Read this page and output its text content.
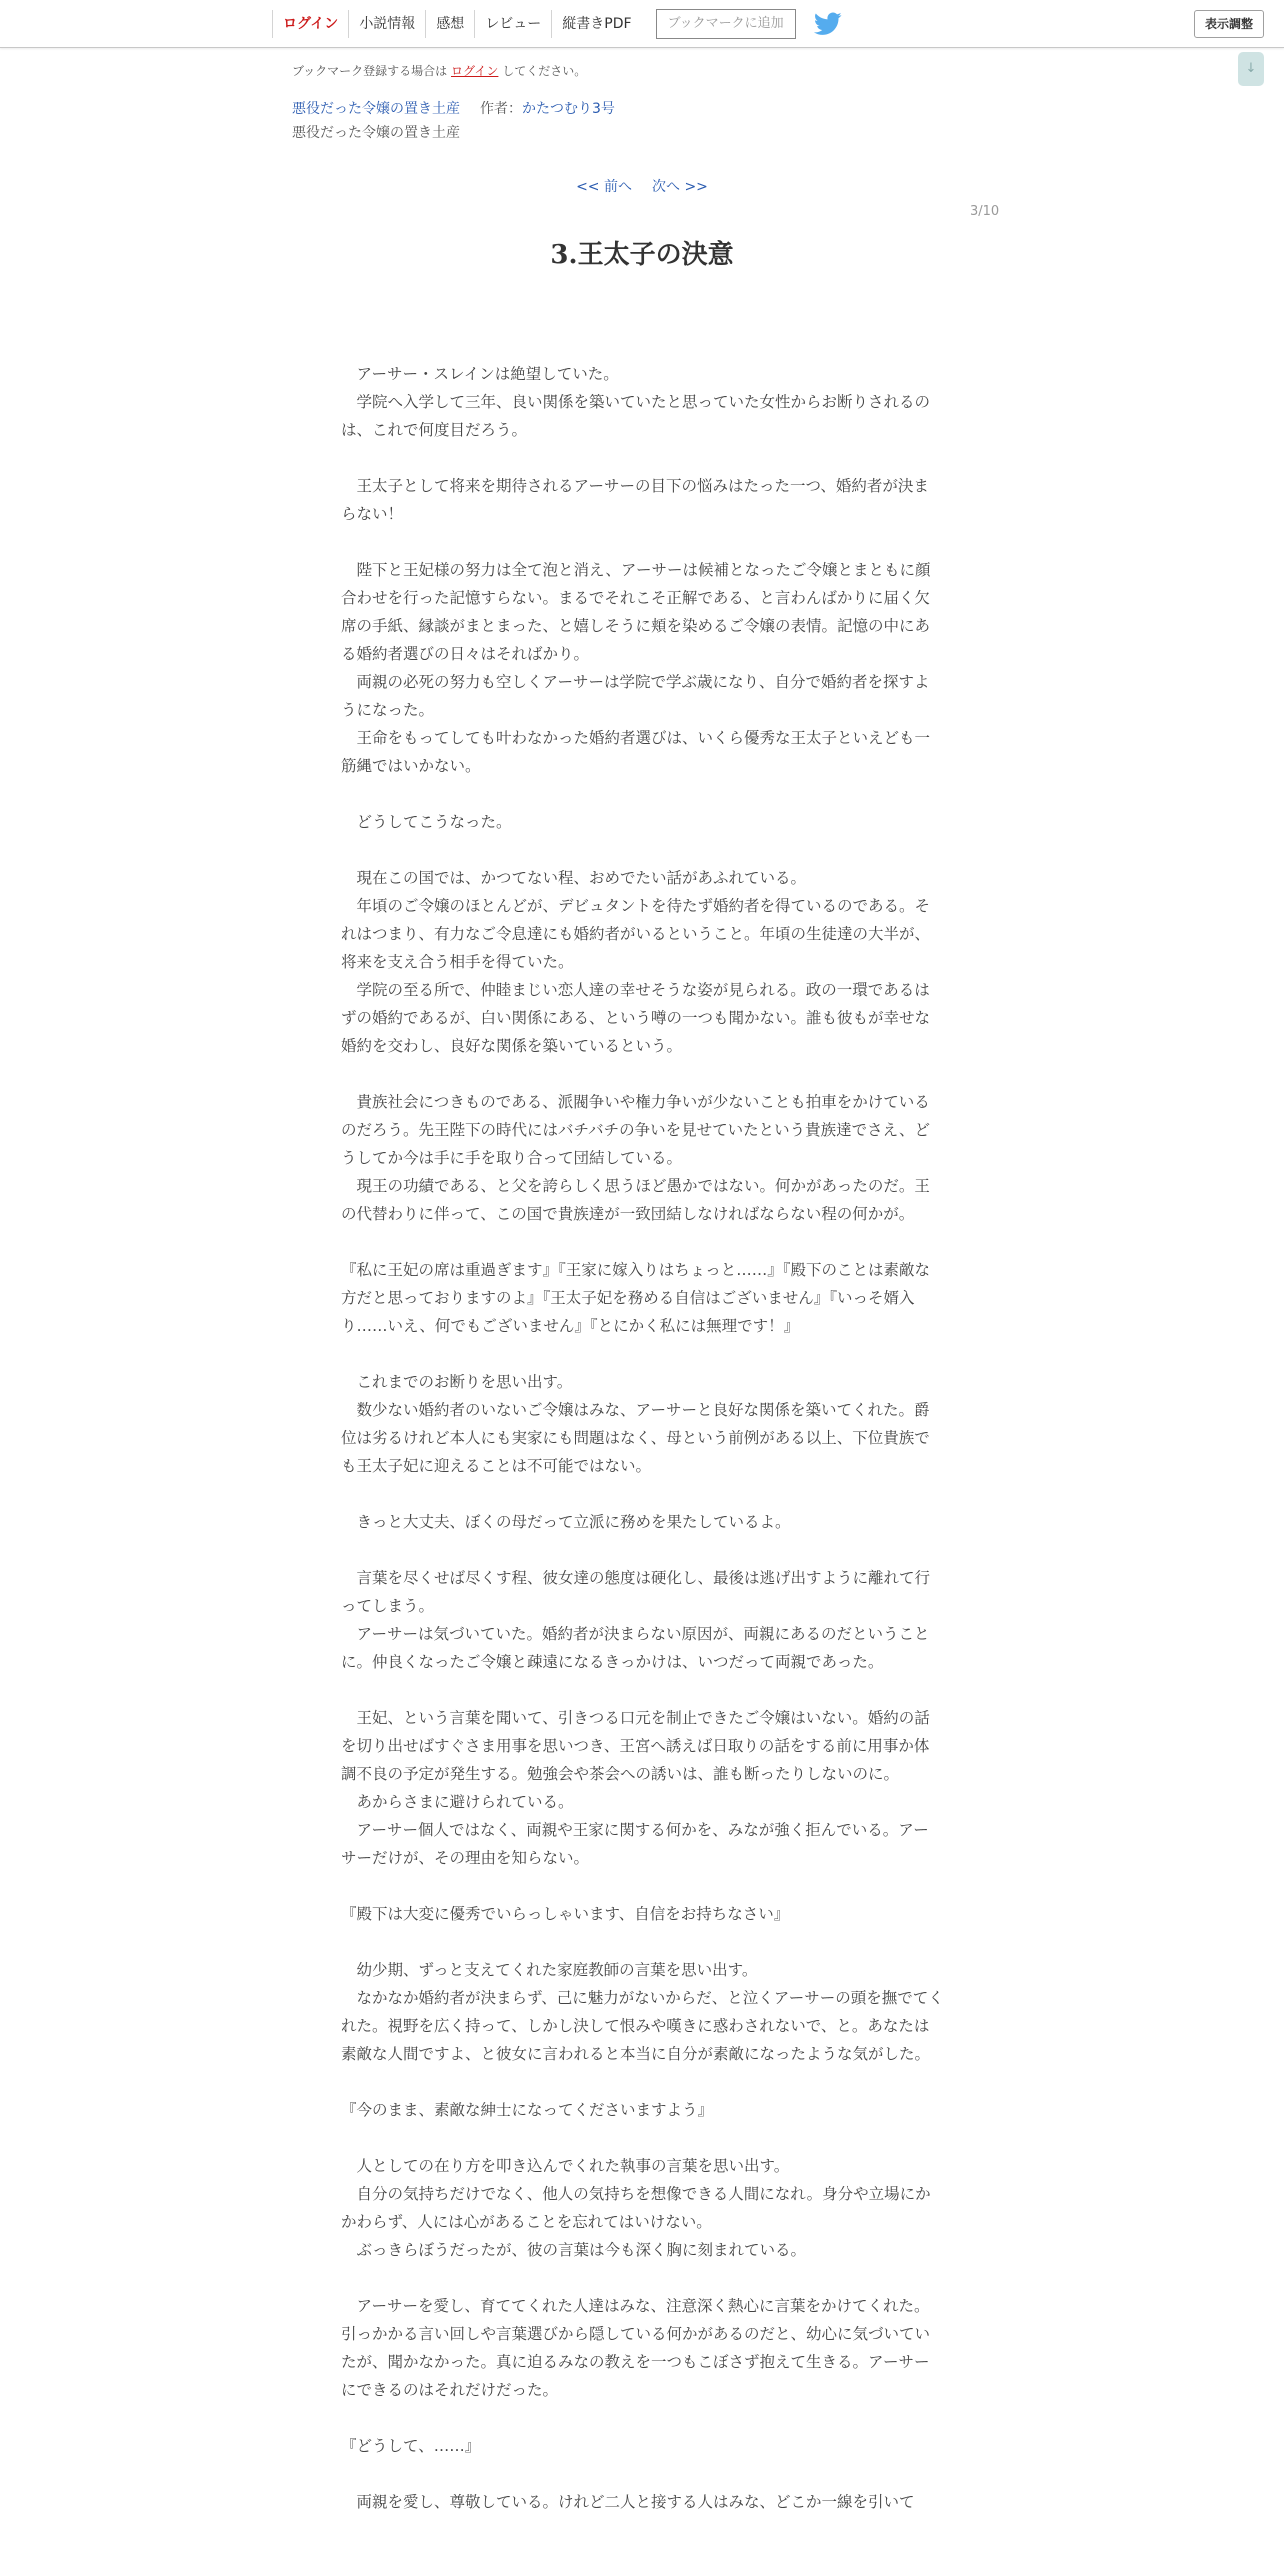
ログイン	小説情報	感想	レビュー	縦書きPDF	ブックマークに追加	表示調整
↓
ブックマーク登録する場合は ログイン してください。
悪役だった令嬢の置き土産 作者：かたつむり3号
悪役だった令嬢の置き土産
<< 前へ 次へ >>
3/10
3.王太子の決意

　アーサー・スレインは絶望していた。

　学院へ入学して三年、良い関係を築いていたと思っていた女性からお断りされるのは、これで何度目だろう。

　王太子として将来を期待されるアーサーの目下の悩みはたった一つ、婚約者が決まらない！

　陛下と王妃様の努力は全て泡と消え、アーサーは候補となったご令嬢とまともに顔合わせを行った記憶すらない。まるでそれこそ正解である、と言わんばかりに届く欠席の手紙、縁談がまとまった、と嬉しそうに頬を染めるご令嬢の表情。記憶の中にある婚約者選びの日々はそればかり。

　両親の必死の努力も空しくアーサーは学院で学ぶ歳になり、自分で婚約者を探すようになった。

　王命をもってしても叶わなかった婚約者選びは、いくら優秀な王太子といえども一筋縄ではいかない。

　どうしてこうなった。

　現在この国では、かつてない程、おめでたい話があふれている。

　年頃のご令嬢のほとんどが、デビュタントを待たず婚約者を得ているのである。それはつまり、有力なご令息達にも婚約者がいるということ。年頃の生徒達の大半が、将来を支え合う相手を得ていた。

　学院の至る所で、仲睦まじい恋人達の幸せそうな姿が見られる。政の一環であるはずの婚約であるが、白い関係にある、という噂の一つも聞かない。誰も彼もが幸せな婚約を交わし、良好な関係を築いているという。

　貴族社会につきものである、派閥争いや権力争いが少ないことも拍車をかけているのだろう。先王陛下の時代にはバチバチの争いを見せていたという貴族達でさえ、どうしてか今は手に手を取り合って団結している。

　現王の功績である、と父を誇らしく思うほど愚かではない。何かがあったのだ。王の代替わりに伴って、この国で貴族達が一致団結しなければならない程の何かが。

『私に王妃の席は重過ぎます』『王家に嫁入りはちょっと……』『殿下のことは素敵な方だと思っておりますのよ』『王太子妃を務める自信はございません』『いっそ婿入り……いえ、何でもございません』『とにかく私には無理です！』

　これまでのお断りを思い出す。

　数少ない婚約者のいないご令嬢はみな、アーサーと良好な関係を築いてくれた。爵位は劣るけれど本人にも実家にも問題はなく、母という前例がある以上、下位貴族でも王太子妃に迎えることは不可能ではない。

　きっと大丈夫、ぼくの母だって立派に務めを果たしているよ。

　言葉を尽くせば尽くす程、彼女達の態度は硬化し、最後は逃げ出すように離れて行ってしまう。

　アーサーは気づいていた。婚約者が決まらない原因が、両親にあるのだということに。仲良くなったご令嬢と疎遠になるきっかけは、いつだって両親であった。

　王妃、という言葉を聞いて、引きつる口元を制止できたご令嬢はいない。婚約の話を切り出せばすぐさま用事を思いつき、王宮へ誘えば日取りの話をする前に用事か体調不良の予定が発生する。勉強会や茶会への誘いは、誰も断ったりしないのに。

　あからさまに避けられている。

　アーサー個人ではなく、両親や王家に関する何かを、みなが強く拒んでいる。アーサーだけが、その理由を知らない。

『殿下は大変に優秀でいらっしゃいます、自信をお持ちなさい』

　幼少期、ずっと支えてくれた家庭教師の言葉を思い出す。

　なかなか婚約者が決まらず、己に魅力がないからだ、と泣くアーサーの頭を撫でてくれた。視野を広く持って、しかし決して恨みや嘆きに惑わされないで、と。あなたは素敵な人間ですよ、と彼女に言われると本当に自分が素敵になったような気がした。

『今のまま、素敵な紳士になってくださいますよう』

　人としての在り方を叩き込んでくれた執事の言葉を思い出す。

　自分の気持ちだけでなく、他人の気持ちを想像できる人間になれ。身分や立場にかかわらず、人には心があることを忘れてはいけない。

　ぶっきらぼうだったが、彼の言葉は今も深く胸に刻まれている。

　アーサーを愛し、育ててくれた人達はみな、注意深く熱心に言葉をかけてくれた。引っかかる言い回しや言葉選びから隠している何かがあるのだと、幼心に気づいていたが、聞かなかった。真に迫るみなの教えを一つもこぼさず抱えて生きる。アーサーにできるのはそれだけだった。

『どうして、……』

　両親を愛し、尊敬している。けれど二人と接する人はみな、どこか一線を引いて
